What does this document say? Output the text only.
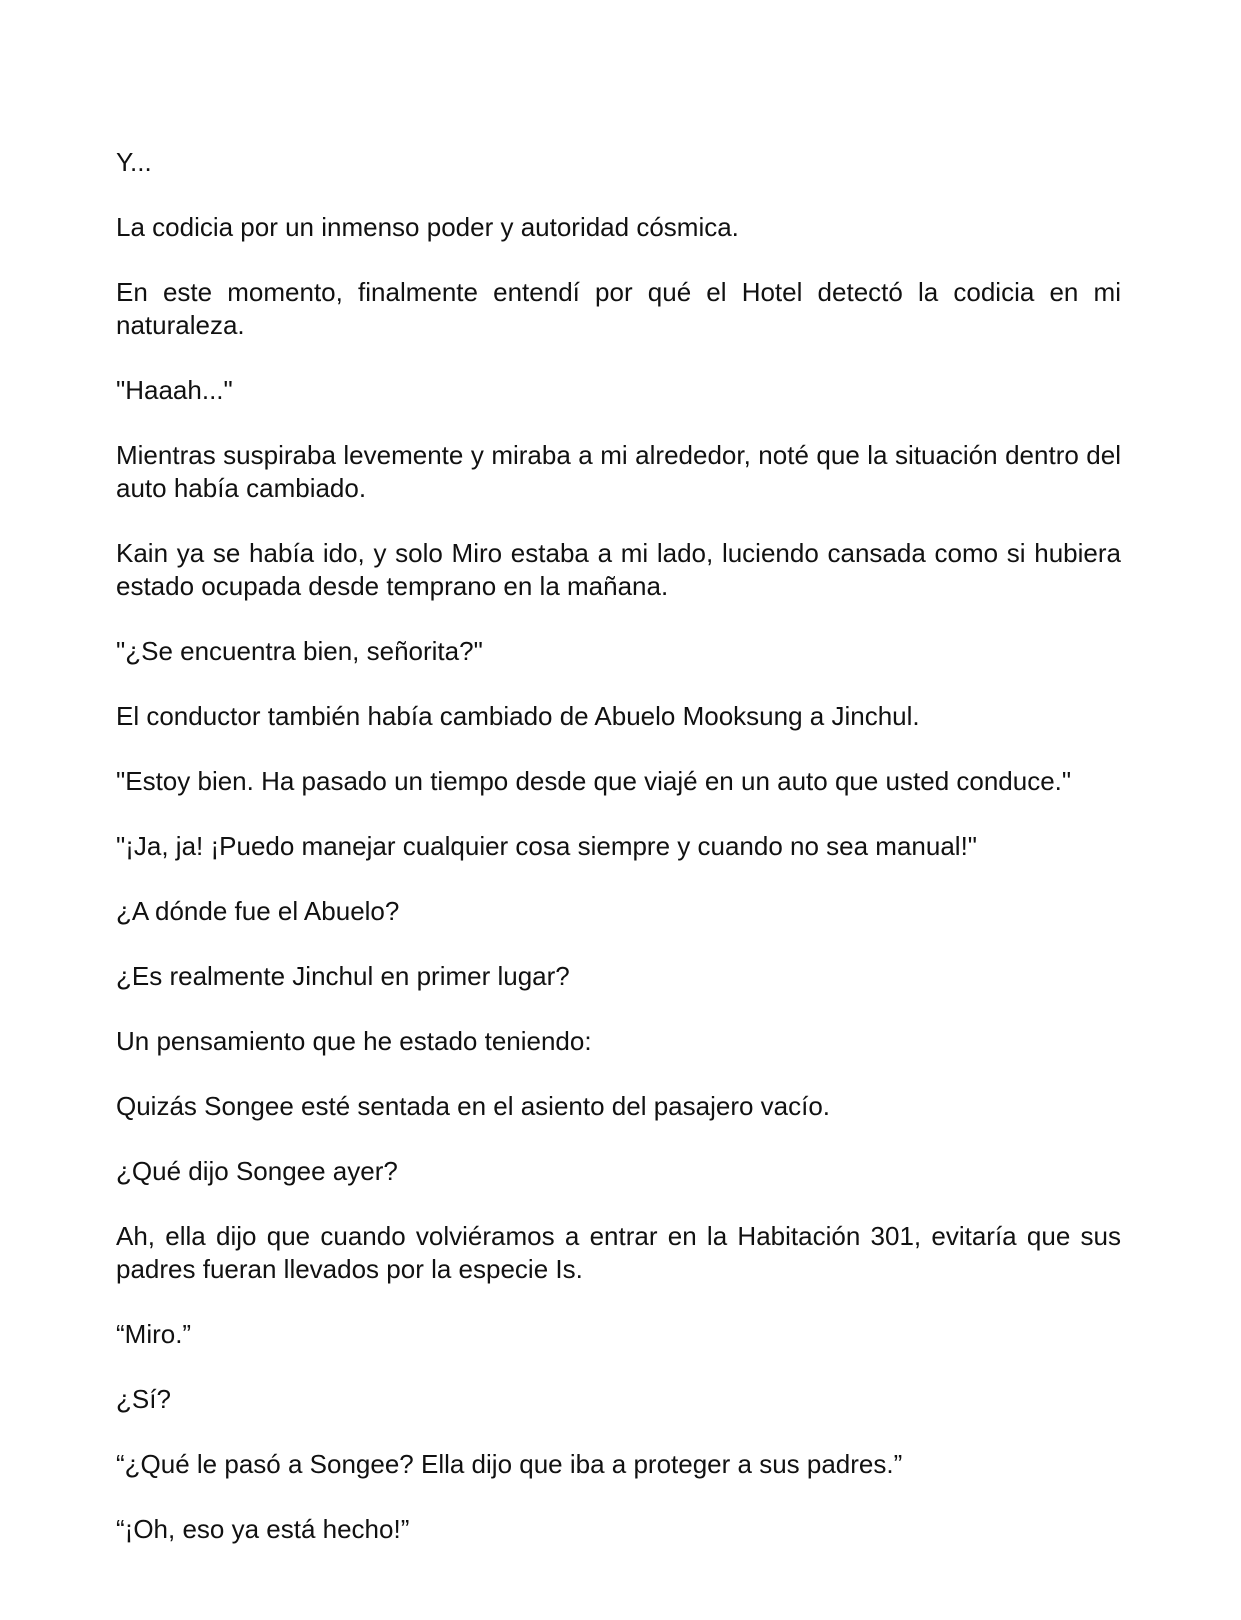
Y...

La codicia por un inmenso poder y autoridad cósmica.

En este momento, finalmente entendí por qué el Hotel detectó la codicia en mi naturaleza.

"Haaah..."

Mientras suspiraba levemente y miraba a mi alrededor, noté que la situación dentro del auto había cambiado.

Kain ya se había ido, y solo Miro estaba a mi lado, luciendo cansada como si hubiera estado ocupada desde temprano en la mañana.

"¿Se encuentra bien, señorita?"

El conductor también había cambiado de Abuelo Mooksung a Jinchul.

"Estoy bien. Ha pasado un tiempo desde que viajé en un auto que usted conduce."

"¡Ja, ja! ¡Puedo manejar cualquier cosa siempre y cuando no sea manual!"

¿A dónde fue el Abuelo?

¿Es realmente Jinchul en primer lugar?

Un pensamiento que he estado teniendo:

Quizás Songee esté sentada en el asiento del pasajero vacío.

¿Qué dijo Songee ayer?

Ah, ella dijo que cuando volviéramos a entrar en la Habitación 301, evitaría que sus padres fueran llevados por la especie Is.

“Miro.”

¿Sí?

“¿Qué le pasó a Songee? Ella dijo que iba a proteger a sus padres.”

“¡Oh, eso ya está hecho!”
